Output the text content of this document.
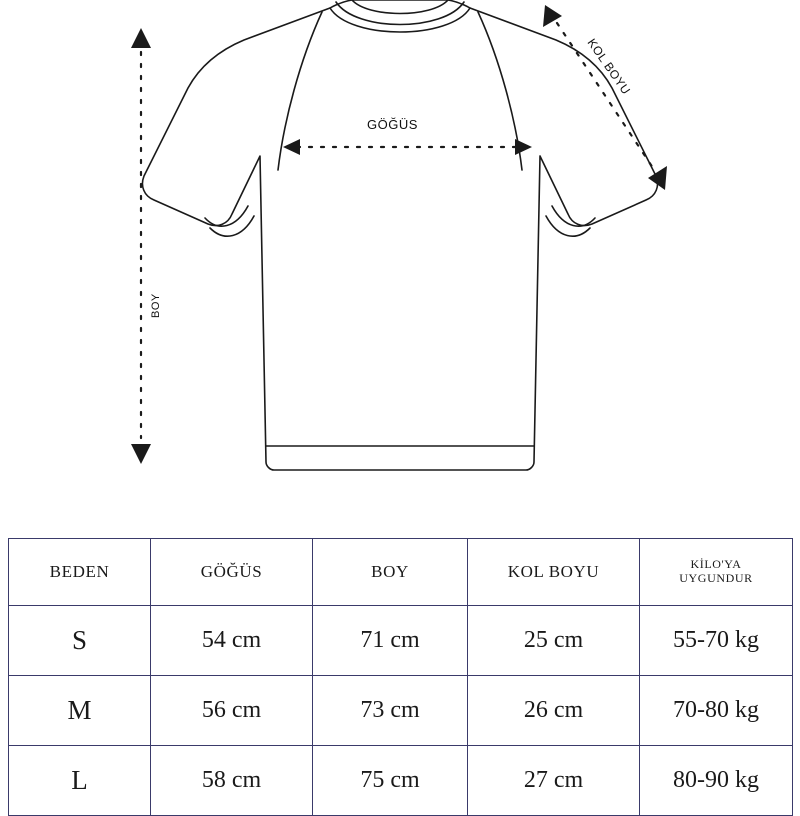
GÖĞÜS
BOY
KOL BOYU
BEDEN	GÖĞÜS	BOY	KOL BOYU	KİLO'YA
UYGUNDUR
S	54 cm	71 cm	25 cm	55-70 kg
M	56 cm	73 cm	26 cm	70-80 kg
L	58 cm	75 cm	27 cm	80-90 kg
